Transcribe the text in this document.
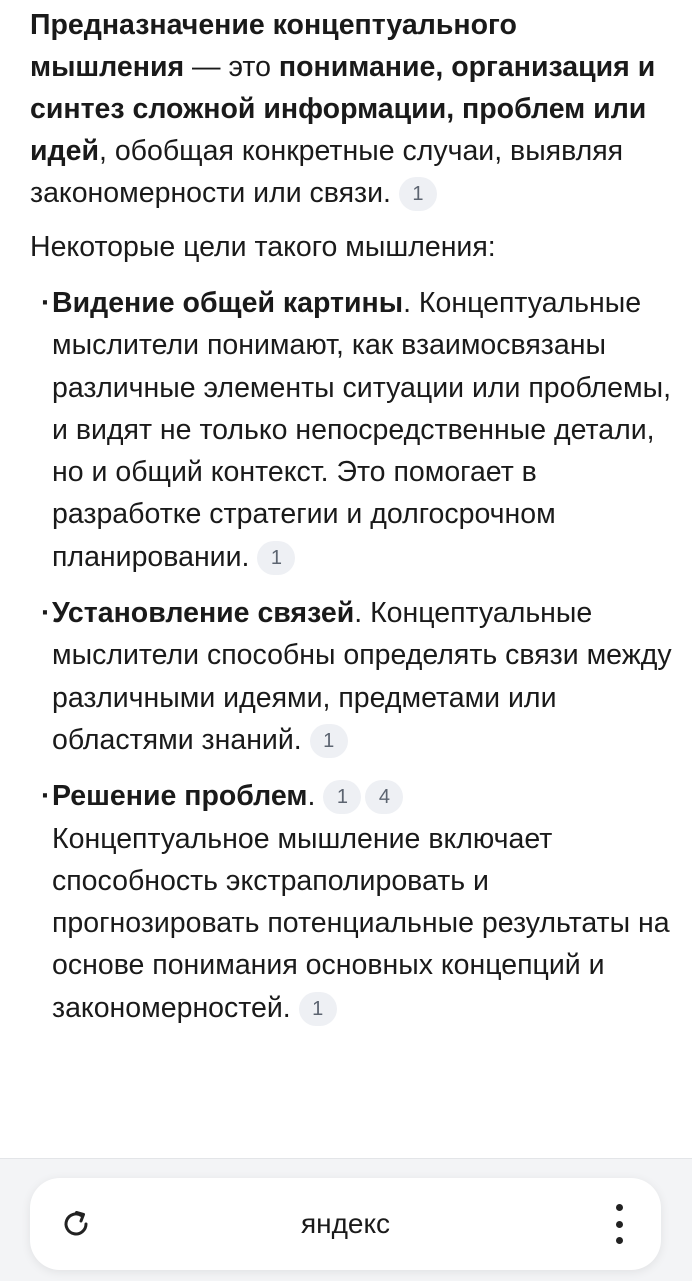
Предназначение концептуального мышления — это понимание, организация и синтез сложной информации, проблем или идей, обобщая конкретные случаи, выявляя закономерности или связи. 1

Некоторые цели такого мышления:

· Видение общей картины. Концептуальные мыслители понимают, как взаимосвязаны различные элементы ситуации или проблемы, и видят не только непосредственные детали, но и общий контекст. Это помогает в разработке стратегии и долгосрочном планировании. 1
· Установление связей. Концептуальные мыслители способны определять связи между различными идеями, предметами или областями знаний. 1
· Решение проблем. 1 4
Концептуальное мышление включает способность экстраполировать и прогнозировать потенциальные результаты на основе понимания основных концепций и закономерностей. 1
яндекс
